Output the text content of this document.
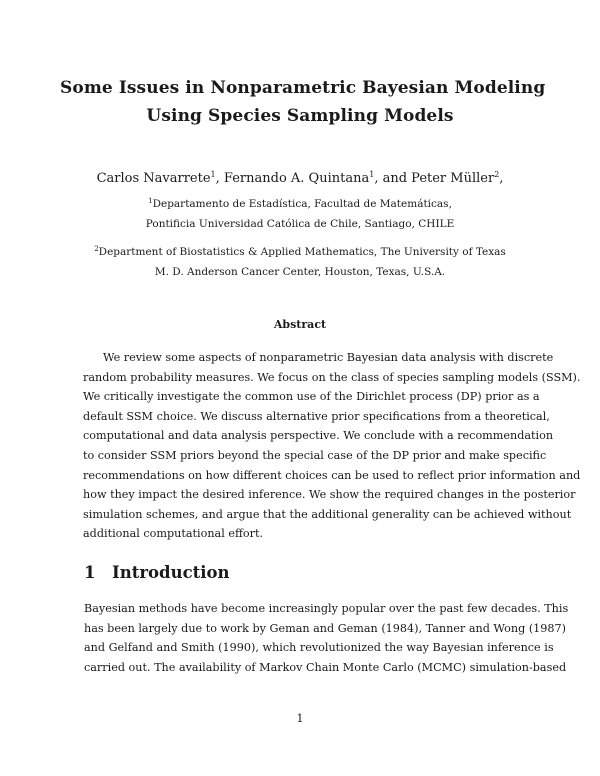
Some Issues in Nonparametric Bayesian Modeling
Using Species Sampling Models
Carlos Navarrete$^1$, Fernando A. Quintana$^1$, and Peter Müller$^2$,
$^1$Departamento de Estadística, Facultad de Matemáticas,
Pontificia Universidad Católica de Chile, Santiago, CHILE
$^2$Department of Biostatistics & Applied Mathematics, The University of Texas
M. D. Anderson Cancer Center, Houston, Texas, U.S.A.
Abstract
We review some aspects of nonparametric Bayesian data analysis with discrete
random probability measures. We focus on the class of species sampling models (SSM).
We critically investigate the common use of the Dirichlet process (DP) prior as a
default SSM choice. We discuss alternative prior specifications from a theoretical,
computational and data analysis perspective. We conclude with a recommendation
to consider SSM priors beyond the special case of the DP prior and make specific
recommendations on how different choices can be used to reflect prior information and
how they impact the desired inference. We show the required changes in the posterior
simulation schemes, and argue that the additional generality can be achieved without
additional computational effort.
1 Introduction
Bayesian methods have become increasingly popular over the past few decades. This
has been largely due to work by Geman and Geman (1984), Tanner and Wong (1987)
and Gelfand and Smith (1990), which revolutionized the way Bayesian inference is
carried out. The availability of Markov Chain Monte Carlo (MCMC) simulation-based
1
